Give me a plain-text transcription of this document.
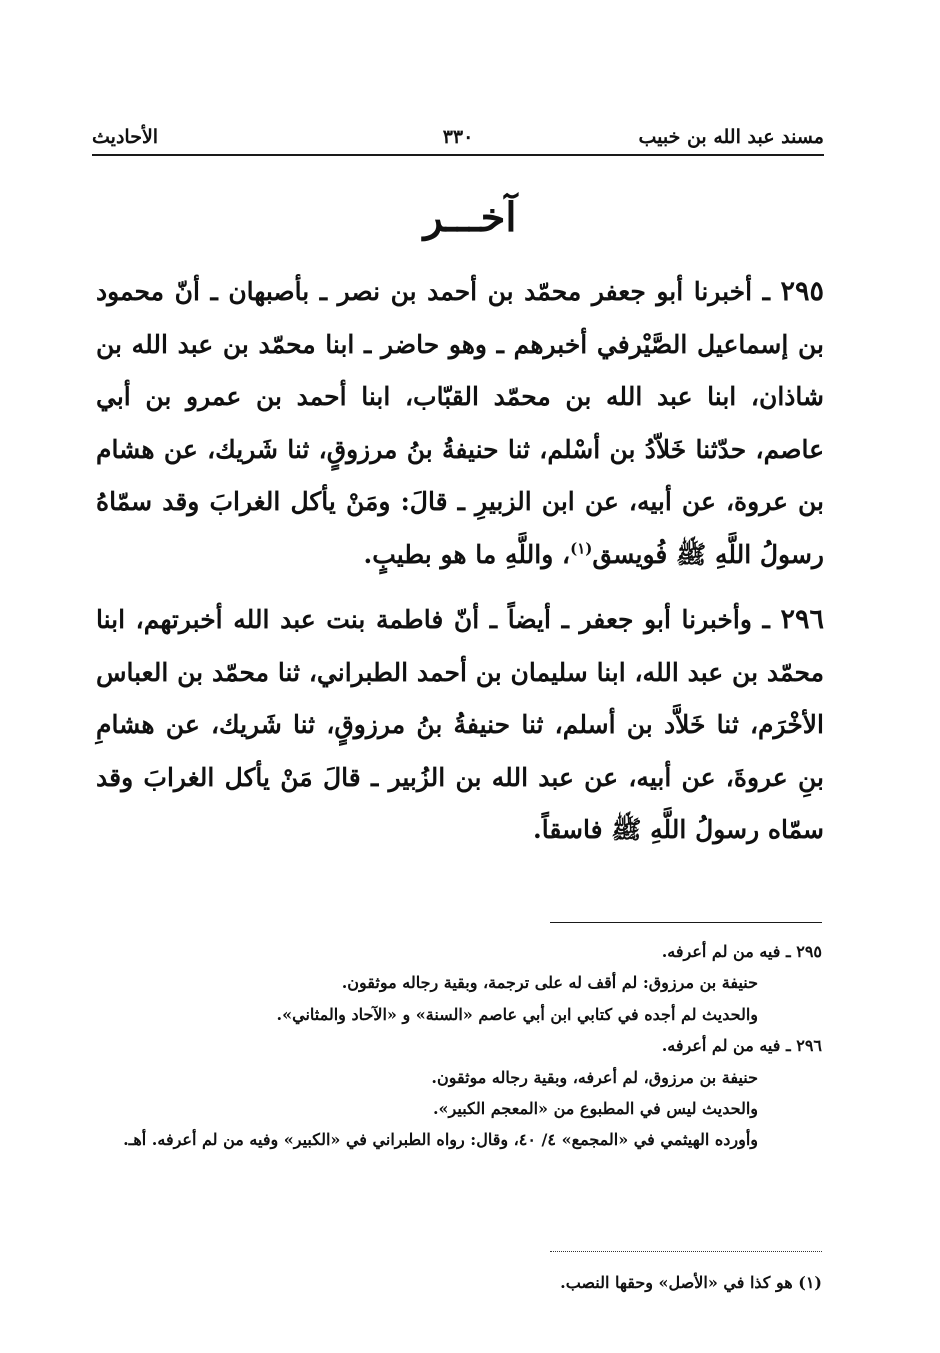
مسند عبد الله بن خبيب
٣٣٠
الأحاديث
آخـــر

٢٩٥ ـ أخبرنا أبو جعفر محمّد بن أحمد بن نصر ـ بأصبهان ـ أنّ محمود بن إسماعيل الصَّيْرفي أخبرهم ـ وهو حاضر ـ ابنا محمّد بن عبد الله بن شاذان، ابنا عبد الله بن محمّد القبّاب، ابنا أحمد بن عمرو بن أبي عاصم، حدّثنا خَلاّدُ بن أسْلم، ثنا حنيفةُ بنُ مرزوقٍ، ثنا شَريك، عن هشام بن عروة، عن أبيه، عن ابن الزبيرِ ـ قالَ: ومَنْ يأكل الغرابَ وقد سمّاهُ رسولُ اللَّهِ ﷺ فُويسق$^{(١)}$، واللَّهِ ما هو بطيبٍ.

٢٩٦ ـ وأخبرنا أبو جعفر ـ أيضاً ـ أنّ فاطمة بنت عبد الله أخبرتهم، ابنا محمّد بن عبد الله، ابنا سليمان بن أحمد الطبراني، ثنا محمّد بن العباس الأخْرَم، ثنا خَلاَّد بن أسلم، ثنا حنيفةُ بنُ مرزوقٍ، ثنا شَريك، عن هشامِ بنِ عروةَ، عن أبيه، عن عبد الله بن الزُبير ـ قالَ مَنْ يأكل الغرابَ وقد سمّاه رسولُ اللَّهِ ﷺ فاسقاً.

٢٩٥ ـ فيه من لم أعرفه.
حنيفة بن مرزوق: لم أقف له على ترجمة، وبقية رجاله موثقون.
والحديث لم أجده في كتابي ابن أبي عاصم «السنة» و «الآحاد والمثاني».
٢٩٦ ـ فيه من لم أعرفه.
حنيفة بن مرزوق، لم أعرفه، وبقية رجاله موثقون.
والحديث ليس في المطبوع من «المعجم الكبير».
وأورده الهيثمي في «المجمع» ٤/ ٤٠، وقال: رواه الطبراني في «الكبير» وفيه من لم أعرفه. أهـ.
(١) هو كذا في «الأصل» وحقها النصب.
